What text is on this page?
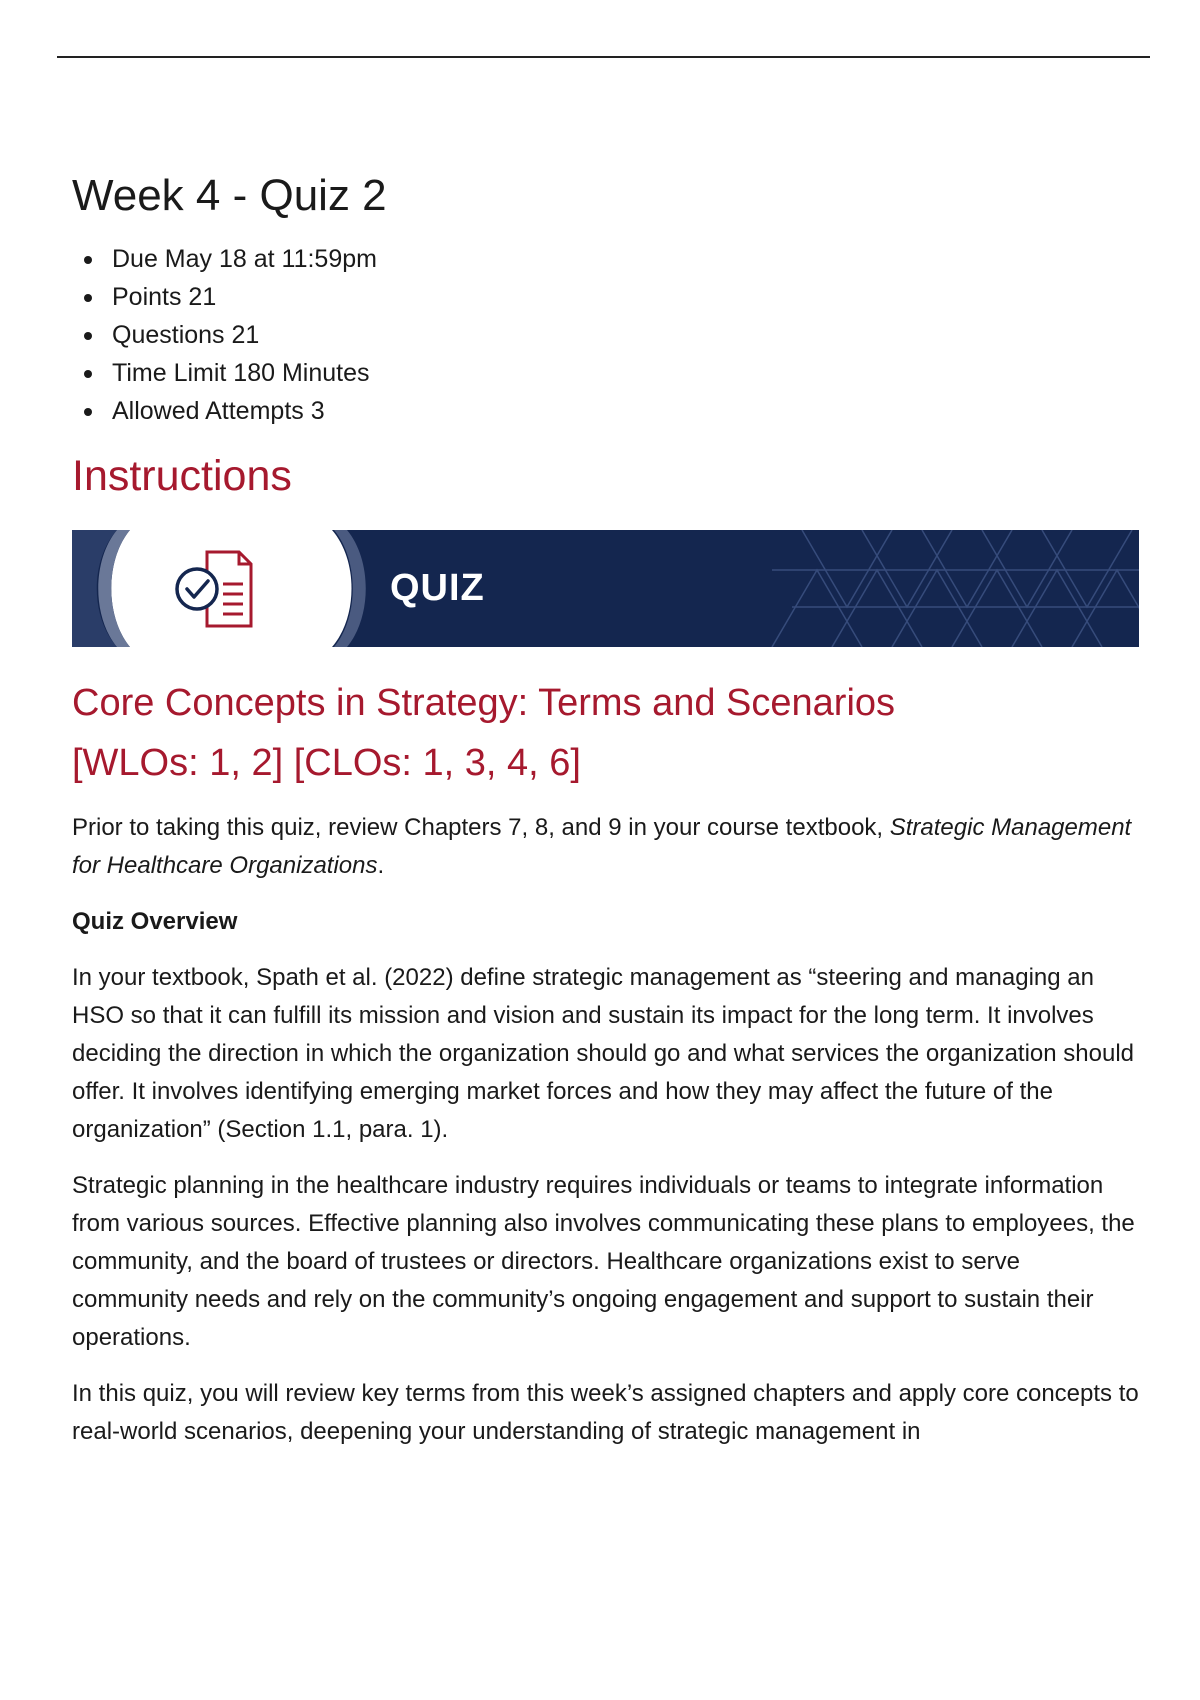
Week 4 - Quiz 2
Due May 18 at 11:59pm
Points 21
Questions 21
Time Limit 180 Minutes
Allowed Attempts 3
Instructions
QUIZ
Core Concepts in Strategy: Terms and Scenarios
[WLOs: 1, 2] [CLOs: 1, 3, 4, 6]

Prior to taking this quiz, review Chapters 7, 8, and 9 in your course textbook, Strategic Management for Healthcare Organizations.

Quiz Overview

In your textbook, Spath et al. (2022) define strategic management as “steering and managing an HSO so that it can fulfill its mission and vision and sustain its impact for the long term. It involves deciding the direction in which the organization should go and what services the organization should offer. It involves identifying emerging market forces and how they may affect the future of the organization” (Section 1.1, para. 1).

Strategic planning in the healthcare industry requires individuals or teams to integrate information from various sources. Effective planning also involves communicating these plans to employees, the community, and the board of trustees or directors. Healthcare organizations exist to serve community needs and rely on the community’s ongoing engagement and support to sustain their operations.

In this quiz, you will review key terms from this week’s assigned chapters and apply core concepts to real-world scenarios, deepening your understanding of strategic management in
